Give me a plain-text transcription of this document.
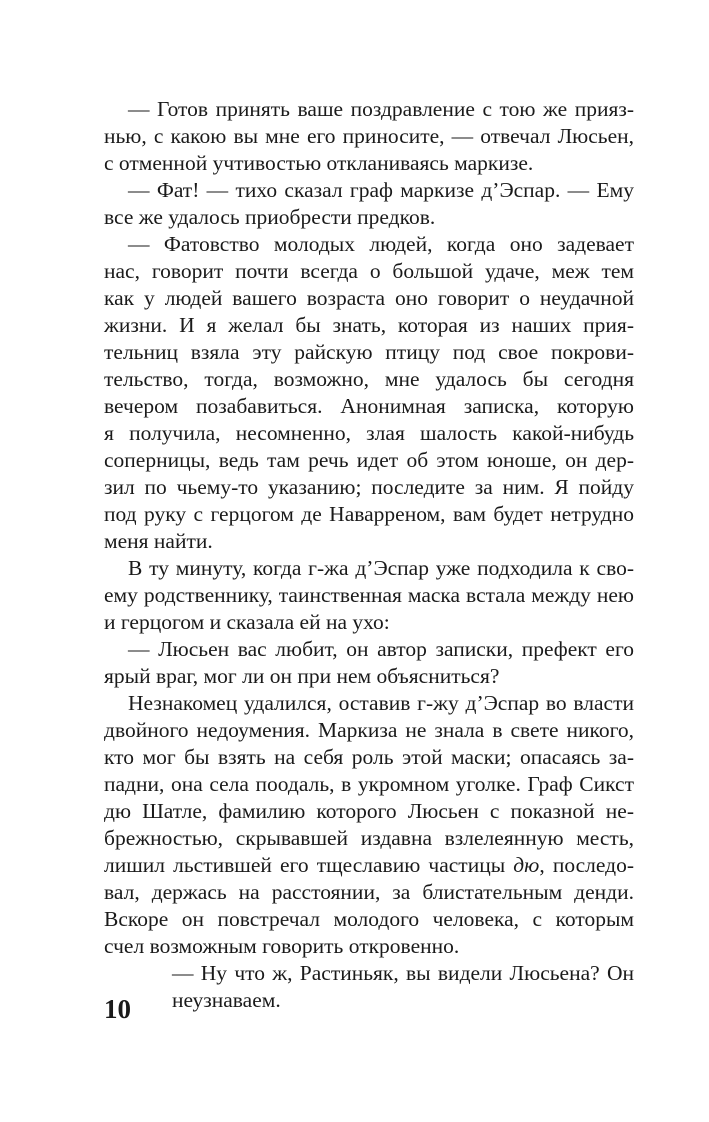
— Готов принять ваше поздравление с тою же прияз-
нью, с какою вы мне его приносите, — отвечал Люсьен,
с отменной учтивостью откланиваясь маркизе.
— Фат! — тихо сказал граф маркизе д’Эспар. — Ему
все же удалось приобрести предков.
— Фатовство молодых людей, когда оно задевает
нас, говорит почти всегда о большой удаче, меж тем
как у людей вашего возраста оно говорит о неудачной
жизни. И я желал бы знать, которая из наших прия-
тельниц взяла эту райскую птицу под свое покрови-
тельство, тогда, возможно, мне удалось бы сегодня
вечером позабавиться. Анонимная записка, которую
я получила, несомненно, злая шалость какой-нибудь
соперницы, ведь там речь идет об этом юноше, он дер-
зил по чьему-то указанию; последите за ним. Я пойду
под руку с герцогом де Наварреном, вам будет нетрудно
меня найти.
В ту минуту, когда г-жа д’Эспар уже подходила к сво-
ему родственнику, таинственная маска встала между нею
и герцогом и сказала ей на ухо:
— Люсьен вас любит, он автор записки, префект его
ярый враг, мог ли он при нем объясниться?
Незнакомец удалился, оставив г-жу д’Эспар во власти
двойного недоумения. Маркиза не знала в свете никого,
кто мог бы взять на себя роль этой маски; опасаясь за-
падни, она села поодаль, в укромном уголке. Граф Сикст
дю Шатле, фамилию которого Люсьен с показной не-
брежностью, скрывавшей издавна взлелеянную месть,
лишил льстившей его тщеславию частицы дю, последо-
вал, держась на расстоянии, за блистательным денди.
Вскоре он повстречал молодого человека, с которым
счел возможным говорить откровенно.
— Ну что ж, Растиньяк, вы видели Люсьена? Он
неузнаваем.
10
